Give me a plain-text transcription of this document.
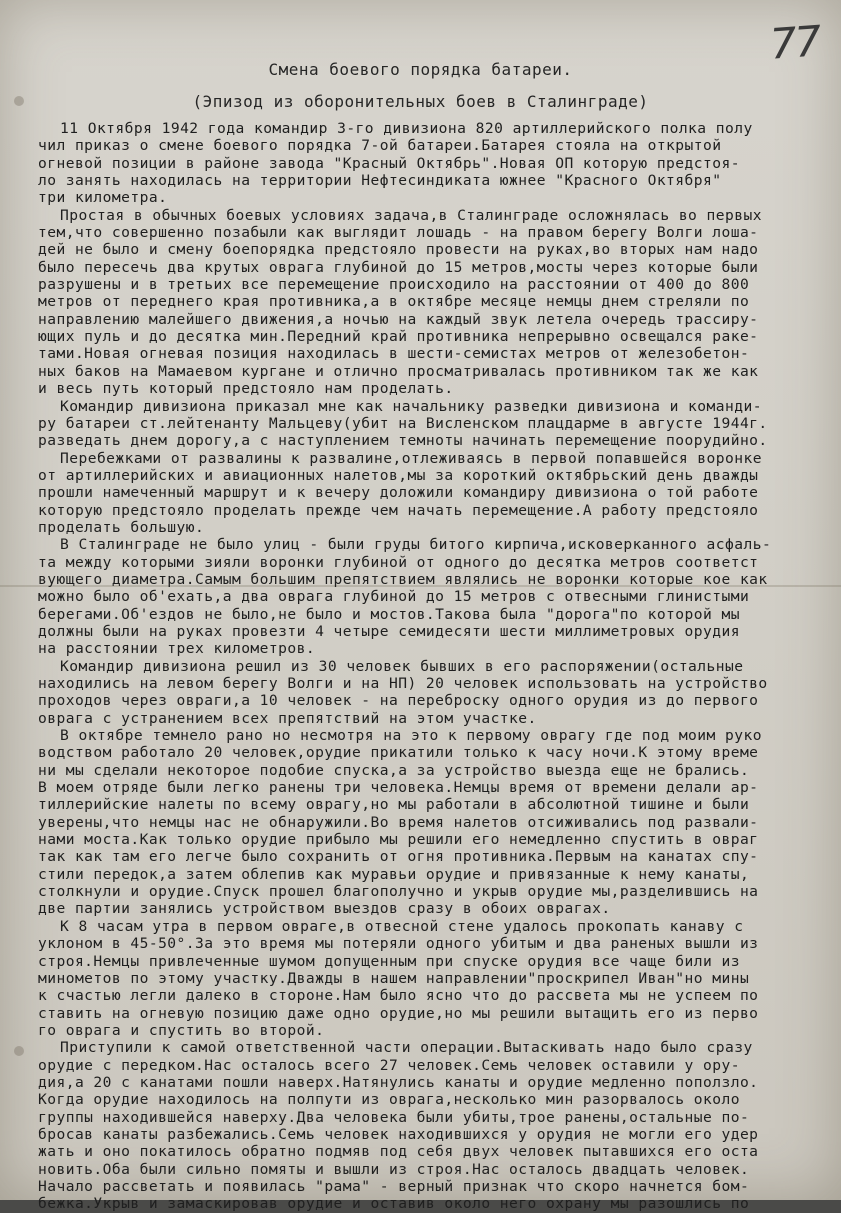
77
Смена боевого порядка батареи.
(Эпизод из оборонительных боев в Сталинграде)
11 Октября 1942 года командир 3-го дивизиона 820 артиллерийского полка полу
чил приказ о смене боевого порядка 7-ой батареи.Батарея стояла на открытой
огневой позиции в районе завода "Красный Октябрь".Новая ОП которую предстоя-
ло занять находилась на территории Нефтесиндиката южнее "Красного Октября"
три километра.
Простая в обычных боевых условиях задача,в Сталинграде осложнялась во первых
тем,что совершенно позабыли как выглядит лошадь - на правом берегу Волги лоша-
дей не было и смену боепорядка предстояло провести на руках,во вторых нам надо
было пересечь два крутых оврага глубиной до 15 метров,мосты через которые были
разрушены и в третьих все перемещение происходило на расстоянии от 400 до 800
метров от переднего края противника,а в октябре месяце немцы днем стреляли по
направлению малейшего движения,а ночью на каждый звук летела очередь трассиру-
ющих пуль и до десятка мин.Передний край противника непрерывно освещался раке-
тами.Новая огневая позиция находилась в шести-семистах метров от железобетон-
ных баков на Мамаевом кургане и отлично просматривалась противником так же как
и весь путь который предстояло нам проделать.
Командир дивизиона приказал мне как начальнику разведки дивизиона и команди-
ру батареи ст.лейтенанту Мальцеву(убит на Висленском плацдарме в августе 1944г.
разведать днем дорогу,а с наступлением темноты начинать перемещение поорудийно.
Перебежками от развалины к развалине,отлеживаясь в первой попавшейся воронке
от артиллерийских и авиационных налетов,мы за короткий октябрьский день дважды
прошли намеченный маршрут и к вечеру доложили командиру дивизиона о той работе
которую предстояло проделать прежде чем начать перемещение.А работу предстояло
проделать большую.
В Сталинграде не было улиц - были груды битого кирпича,исковерканного асфаль-
та между которыми зияли воронки глубиной от одного до десятка метров соответст
вующего диаметра.Самым большим препятствием являлись не воронки которые кое как
можно было об'ехать,а два оврага глубиной до 15 метров с отвесными глинистыми
берегами.Об'ездов не было,не было и мостов.Такова была "дорога"по которой мы
должны были на руках провезти 4 четыре семидесяти шести миллиметровых орудия
на расстоянии трех километров.
Командир дивизиона решил из 30 человек бывших в его распоряжении(остальные
находились на левом берегу Волги и на НП) 20 человек использовать на устройство
проходов через овраги,а 10 человек - на переброску одного орудия из до первого
оврага с устранением всех препятствий на этом участке.
В октябре темнело рано но несмотря на это к первому оврагу где под моим руко
водством работало 20 человек,орудие прикатили только к часу ночи.К этому време
ни мы сделали некоторое подобие спуска,а за устройство выезда еще не брались.
В моем отряде были легко ранены три человека.Немцы время от времени делали ар-
тиллерийские налеты по всему оврагу,но мы работали в абсолютной тишине и были
уверены,что немцы нас не обнаружили.Во время налетов отсиживались под развали-
нами моста.Как только орудие прибыло мы решили его немедленно спустить в овраг
так как там его легче было сохранить от огня противника.Первым на канатах спу-
стили передок,а затем облепив как муравьи орудие и привязанные к нему канаты,
столкнули и орудие.Спуск прошел благополучно и укрыв орудие мы,разделившись на
две партии занялись устройством выездов сразу в обоих оврагах.
К 8 часам утра в первом овраге,в отвесной стене удалось прокопать канаву с
уклоном в 45-50°.За это время мы потеряли одного убитым и два раненых вышли из
строя.Немцы привлеченные шумом допущенным при спуске орудия все чаще били из
минометов по этому участку.Дважды в нашем направлении"проскрипел Иван"но мины
к счастью легли далеко в стороне.Нам было ясно что до рассвета мы не успеем по
ставить на огневую позицию даже одно орудие,но мы решили вытащить его из перво
го оврага и спустить во второй.
Приступили к самой ответственной части операции.Вытаскивать надо было сразу
орудие с передком.Нас осталось всего 27 человек.Семь человек оставили у ору-
дия,а 20 с канатами пошли наверх.Натянулись канаты и орудие медленно поползло.
Когда орудие находилось на полпути из оврага,несколько мин разорвалось около
группы находившейся наверху.Два человека были убиты,трое ранены,остальные по-
бросав канаты разбежались.Семь человек находившихся у орудия не могли его удер
жать и оно покатилось обратно подмяв под себя двух человек пытавшихся его оста
новить.Оба были сильно помяты и вышли из строя.Нас осталось двадцать человек.
Начало рассветать и появилась "рама" - верный признак что скоро начнется бом-
бежка.Укрыв и замаскировав орудие и оставив около него охрану мы разошлись по
